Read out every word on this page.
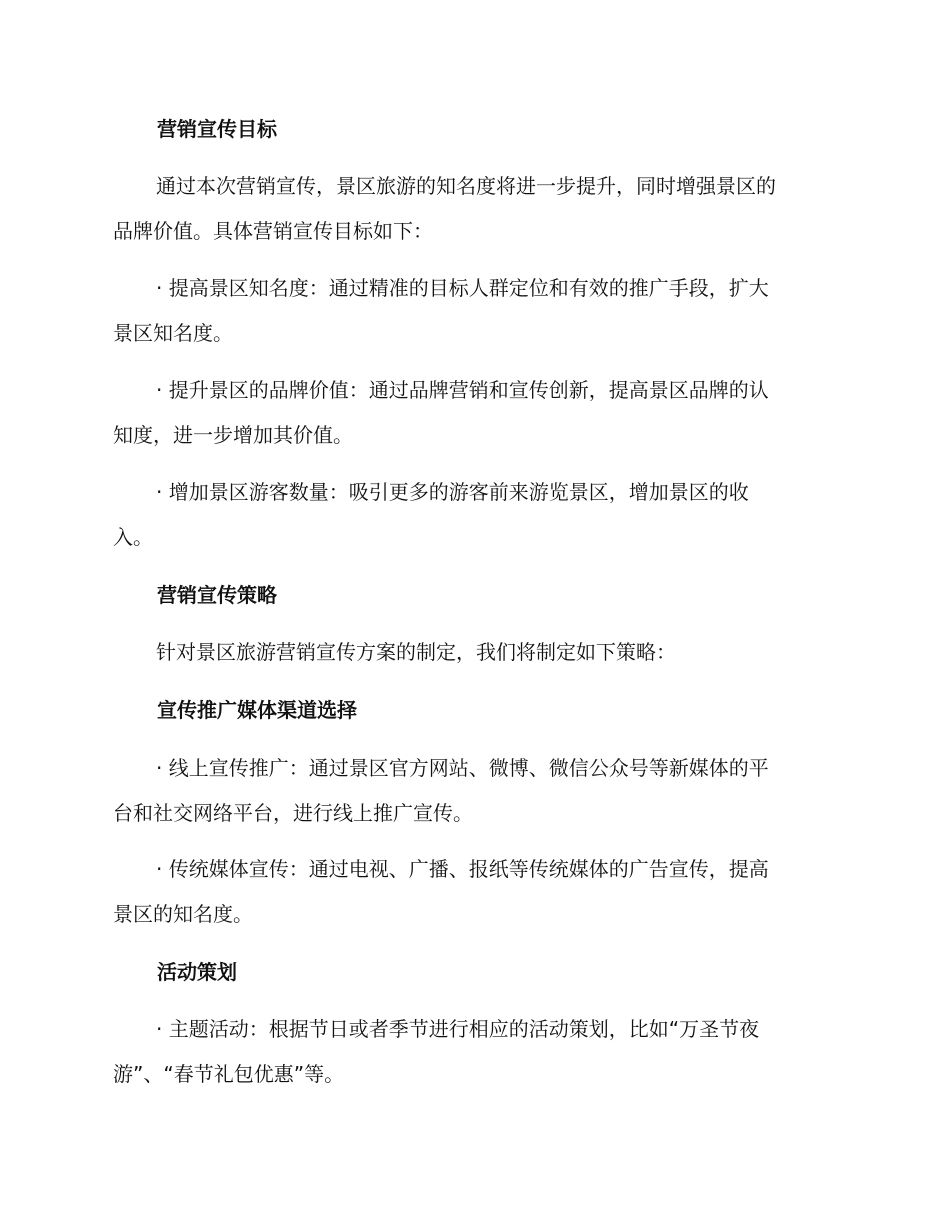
营销宣传目标
通过本次营销宣传，景区旅游的知名度将进一步提升，同时增强景区的
品牌价值。具体营销宣传目标如下：
· 提高景区知名度：通过精准的目标人群定位和有效的推广手段，扩大
景区知名度。
· 提升景区的品牌价值：通过品牌营销和宣传创新，提高景区品牌的认
知度，进一步增加其价值。
· 增加景区游客数量：吸引更多的游客前来游览景区，增加景区的收
入。
营销宣传策略
针对景区旅游营销宣传方案的制定，我们将制定如下策略：
宣传推广媒体渠道选择
· 线上宣传推广：通过景区官方网站、微博、微信公众号等新媒体的平
台和社交网络平台，进行线上推广宣传。
· 传统媒体宣传：通过电视、广播、报纸等传统媒体的广告宣传，提高
景区的知名度。
活动策划
· 主题活动：根据节日或者季节进行相应的活动策划，比如“万圣节夜
游”、“春节礼包优惠”等。
